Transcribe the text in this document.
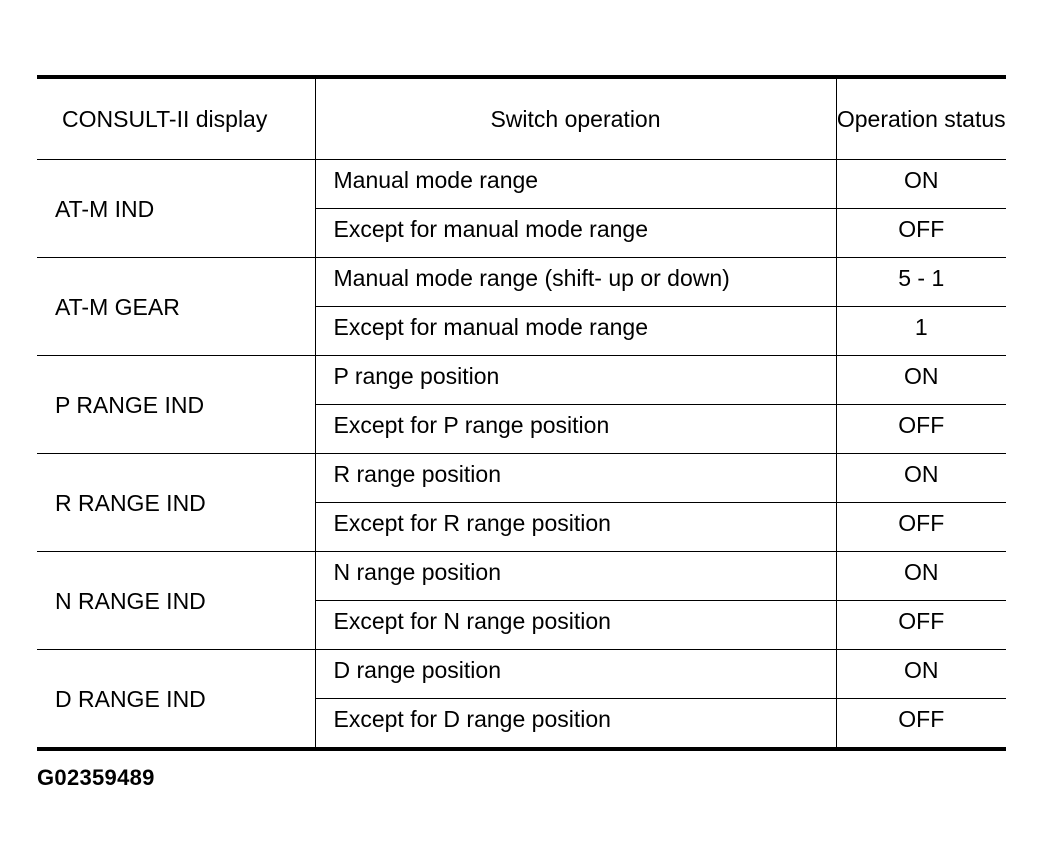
CONSULT-II display	Switch operation	Operation status
AT-M IND	Manual mode range	ON
	Except for manual mode range	OFF
AT-M GEAR	Manual mode range (shift- up or down)	5 - 1
	Except for manual mode range	1
P RANGE IND	P range position	ON
	Except for P range position	OFF
R RANGE IND	R range position	ON
	Except for R range position	OFF
N RANGE IND	N range position	ON
	Except for N range position	OFF
D RANGE IND	D range position	ON
	Except for D range position	OFF
G02359489
